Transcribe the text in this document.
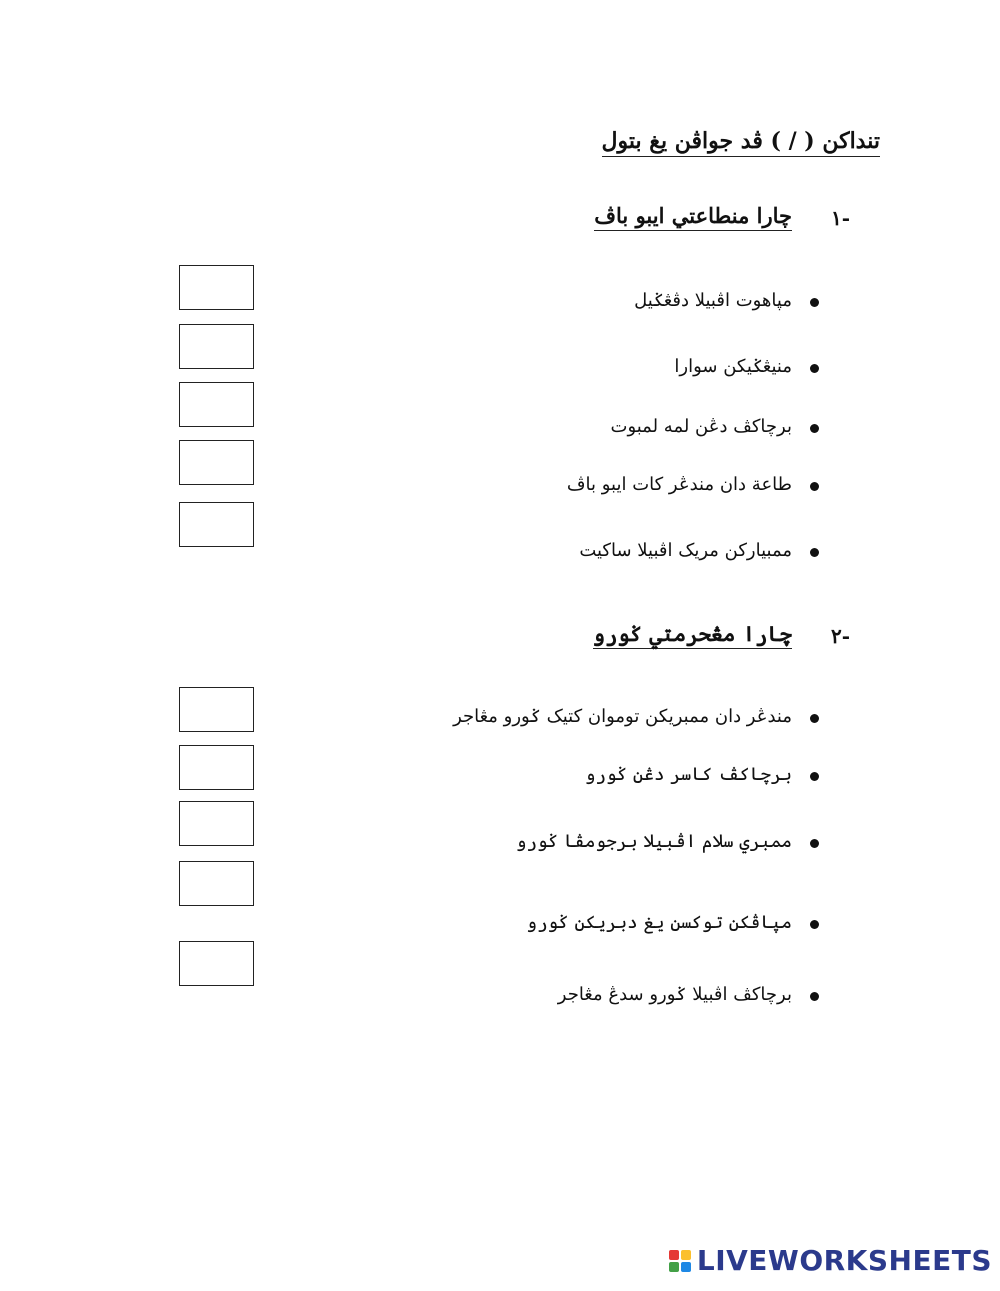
تنداکن ( / ) ڤد جواڤن يغ بتول
١-
چارا منطاعتي ايبو باڤ
مپاهوت اڤبيلا دڤڠݢيل
منيڠݢيکن سوارا
برچاکڤ دڠن لمه لمبوت
طاعة دان مندڠر کات ايبو باڤ
ممبيارکن مريک اڤبيلا ساکيت
٢-
چارا مڠحرمتي ݢورو
مندڠر دان ممبريکن توموان کتيک ݢورو مڠاجر
برچاکڤ کاسر دڠن ݢورو
ممبري سلام اڤبيلا برجومڤا ݢورو
مپاڤکن توکسن يغ دبريکن ݢورو
برچاکڤ اڤبيلا ݢورو سدڠ مڠاجر
LIVEWORKSHEETS
